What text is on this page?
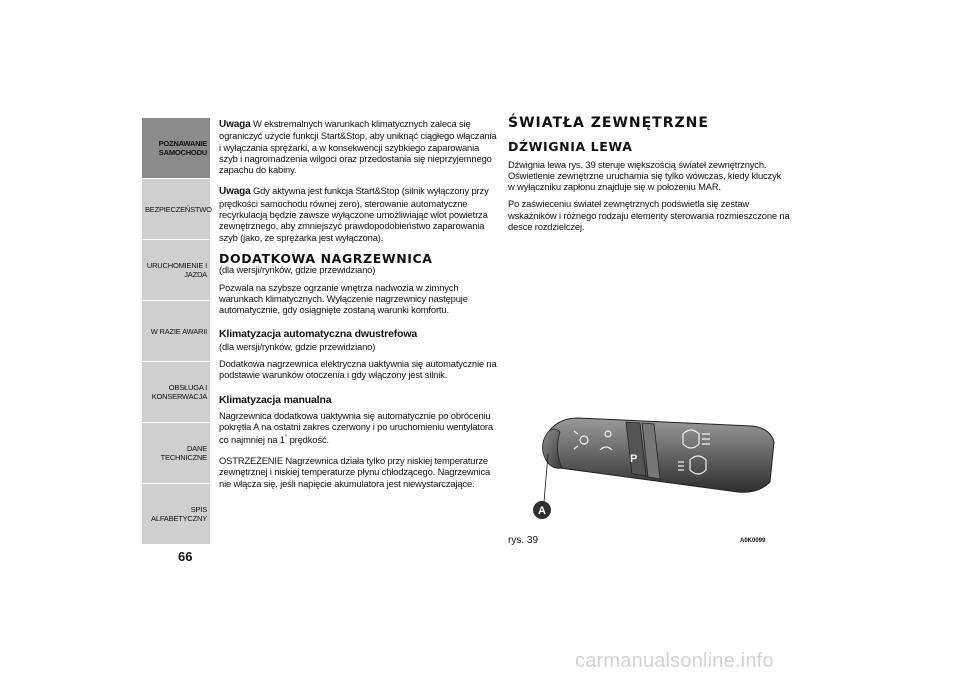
POZNAWANIE SAMOCHODU
BEZPIECZEŃSTWO
URUCHOMIENIE I JAZDA
W RAZIE AWARII
OBSŁUGA I KONSERWACJA
DANE TECHNICZNE
SPIS ALFABETYCZNY
66

Uwaga W ekstremalnych warunkach klimatycznych zaleca się ograniczyć użycie funkcji Start&Stop, aby uniknąć ciągłego włączania i wyłączania sprężarki, a w konsekwencji szybkiego zaparowania szyb i nagromadzenia wilgoci oraz przedostania się nieprzyjemnego zapachu do kabiny.

Uwaga Gdy aktywna jest funkcja Start&Stop (silnik wyłączony przy prędkości samochodu równej zero), sterowanie automatyczne recyrkulacją będzie zawsze wyłączone umożliwiając wlot powietrza zewnętrznego, aby zmniejszyć prawdopodobieństwo zaparowania szyb (jako, że sprężarka jest wyłączona).

DODATKOWA NAGRZEWNICA

(dla wersji/rynków, gdzie przewidziano)

Pozwala na szybsze ogrzanie wnętrza nadwozia w zimnych warunkach klimatycznych. Wyłączenie nagrzewnicy następuje automatycznie, gdy osiągnięte zostaną warunki komfortu.

Klimatyzacja automatyczna dwustrefowa

(dla wersji/rynków, gdzie przewidziano)

Dodatkowa nagrzewnica elektryczna uaktywnia się automatycznie na podstawie warunków otoczenia i gdy włączony jest silnik.

Klimatyzacja manualna

Nagrzewnica dodatkowa uaktywnia się automatycznie po obróceniu pokrętła A na ostatni zakres czerwony i po uruchomieniu wentylatora co najmniej na 1° prędkość.

OSTRZEŻENIE Nagrzewnica działa tylko przy niskiej temperaturze zewnętrznej i niskiej temperaturze płynu chłodzącego. Nagrzewnica nie włącza się, jeśli napięcie akumulatora jest niewystarczające.

ŚWIATŁA ZEWNĘTRZNE
DŹWIGNIA LEWA

Dźwignia lewa rys. 39 steruje większością świateł zewnętrznych. Oświetlenie zewnętrzne uruchamia się tylko wówczas, kiedy kluczyk w wyłączniku zapłonu znajduje się w położeniu MAR.

Po zaświeceniu świateł zewnętrznych podświetla się zestaw wskaźników i różnego rodzaju elementy sterowania rozmieszczone na desce rozdzielczej.

P
A
rys. 39	A0K0099
carmanualsonline.info
